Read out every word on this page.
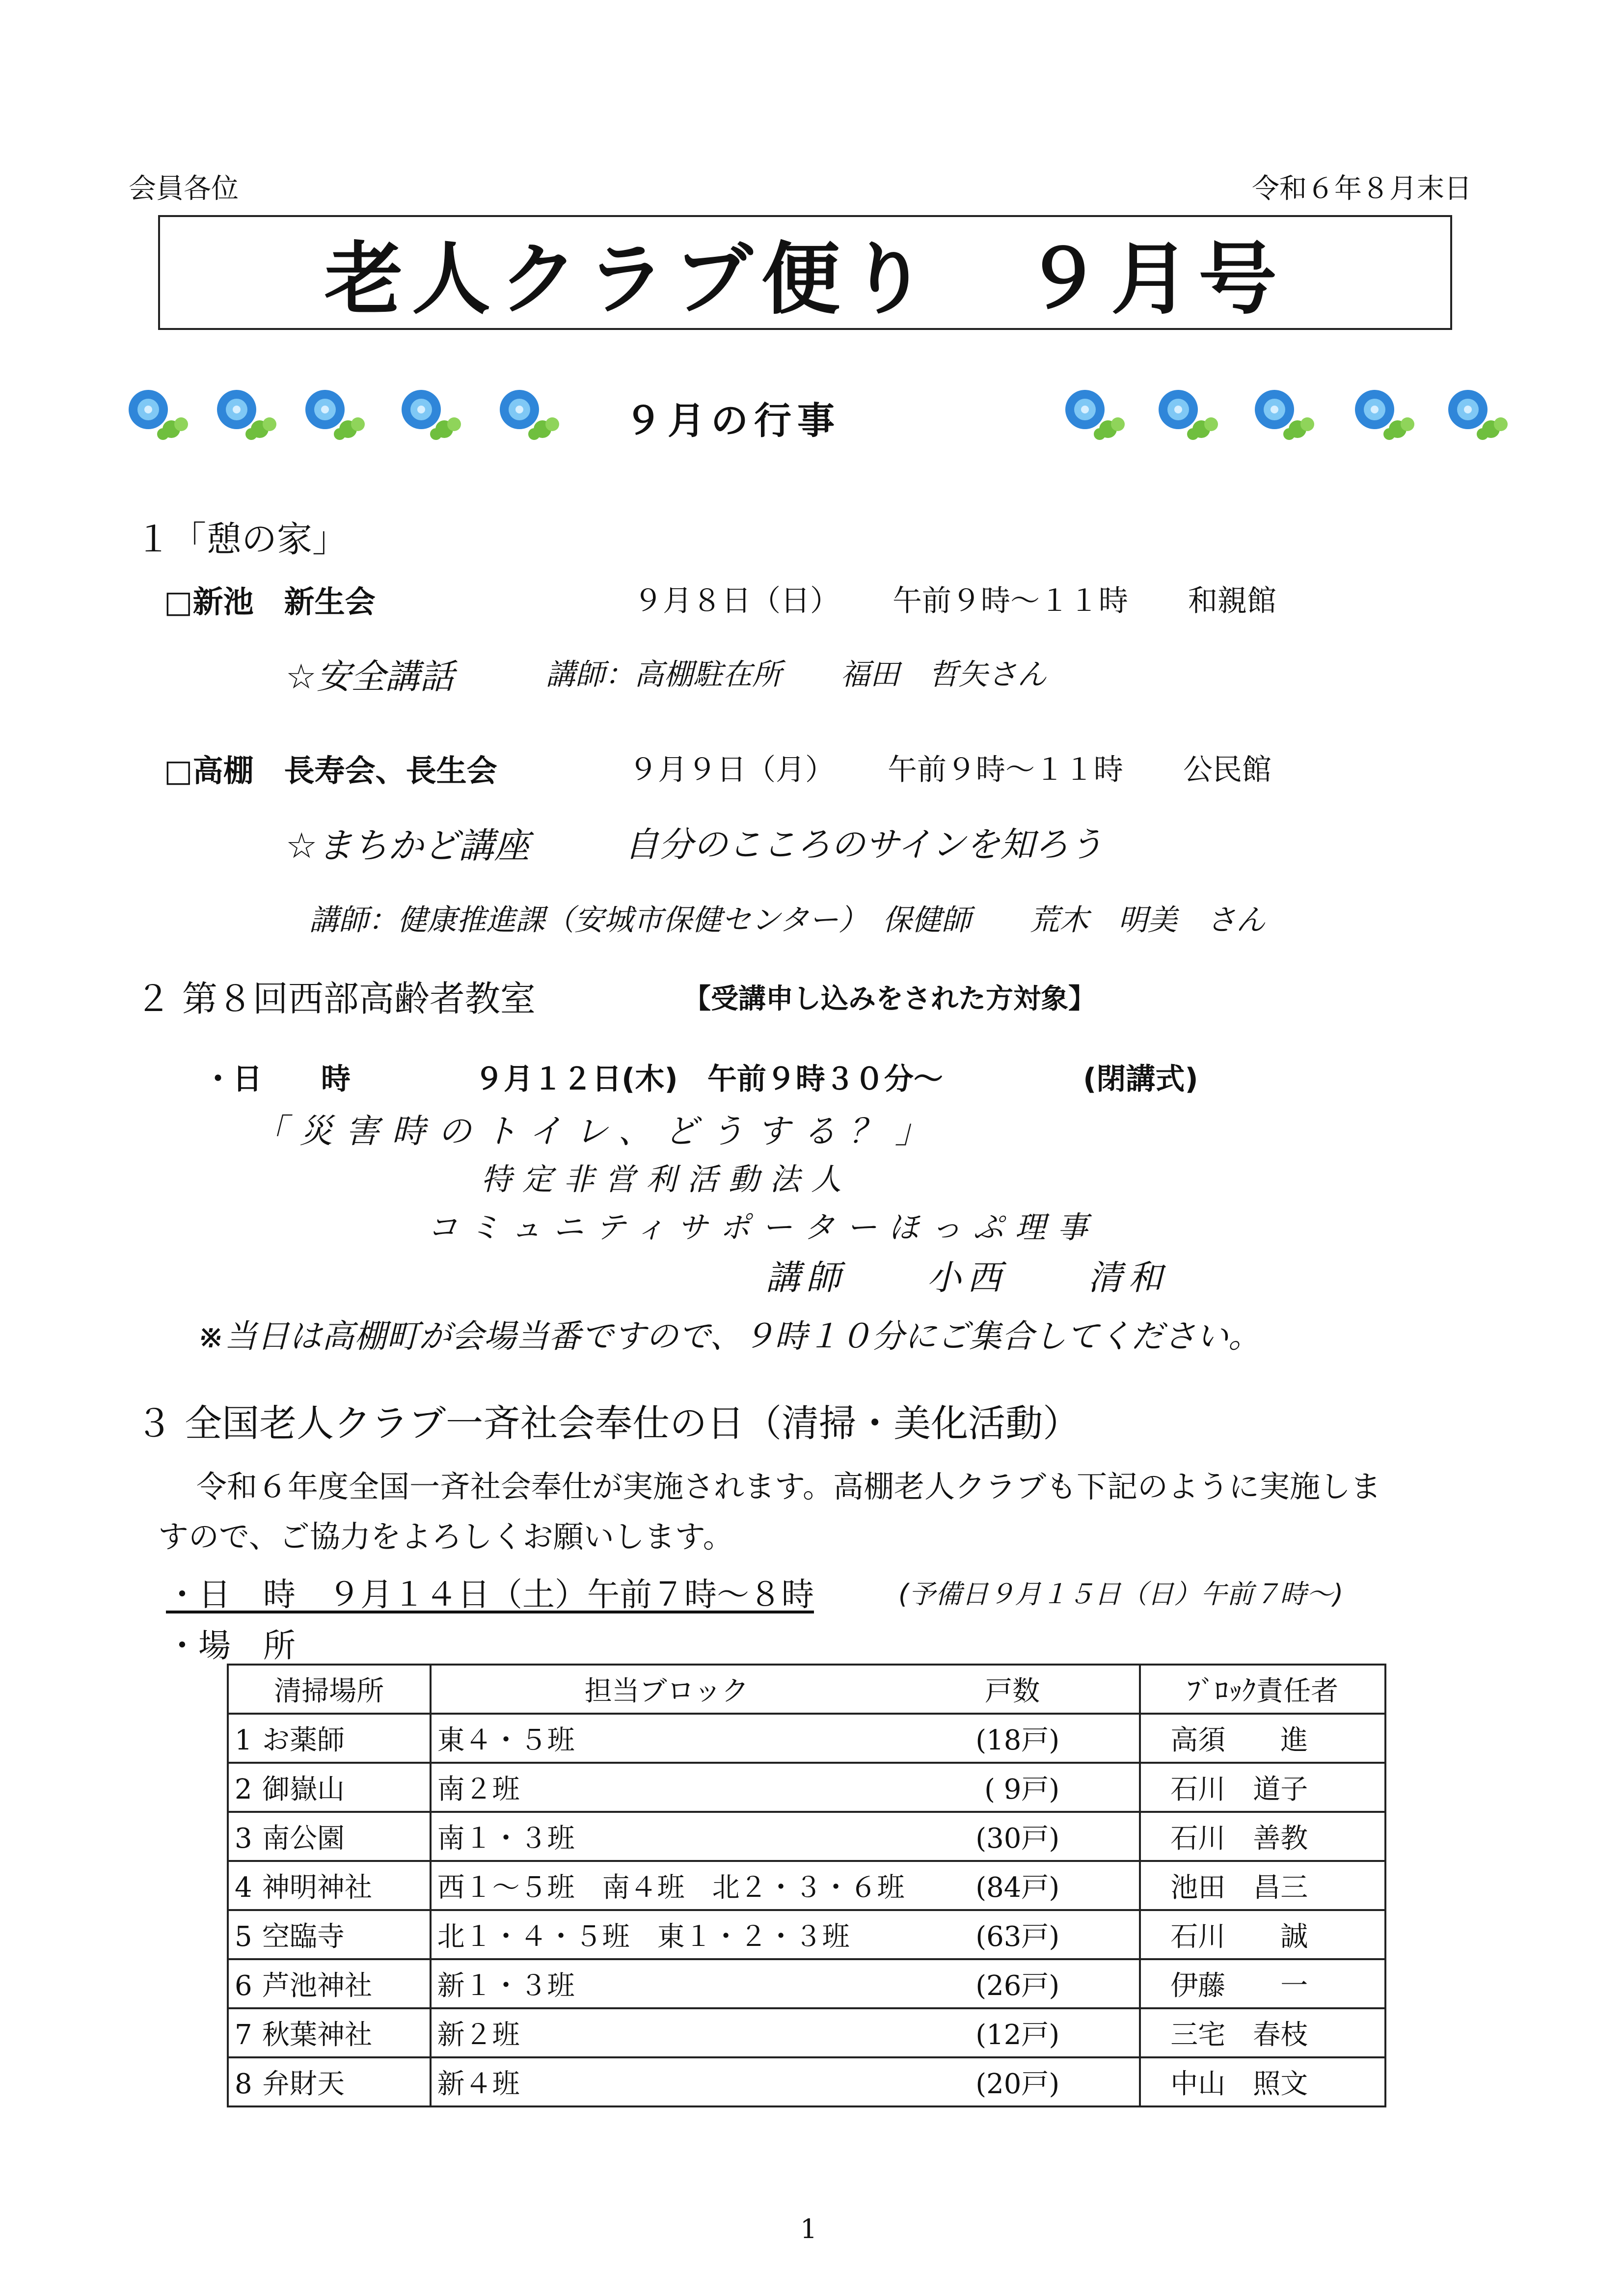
会員各位	令和６年８月末日
老人クラブ便り　９月号
９月の行事
１「憩の家」
□新池　新生会	９月８日（日） 午前９時～１１時 和親館
☆安全講話	講師：高棚駐在所　　福田　哲矢さん
□高棚　長寿会、長生会	９月９日（月） 午前９時～１１時 公民館
☆まちかど講座	自分のこころのサインを知ろう
講師：健康推進課（安城市保健センター）　保健師　　荒木　明美　さん
２ 第８回西部高齢者教室	【受講申し込みをされた方対象】
・日　　時	９月１２日(木)　午前９時３０分～	(閉講式)
「災害時のトイレ、どうする？」
特定非営利活動法人
コミュニティサポーターほっぷ理事
講師　　小西　　清和
※当日は高棚町が会場当番ですので、９時１０分にご集合してください。
３ 全国老人クラブ一斉社会奉仕の日（清掃・美化活動）
令和６年度全国一斉社会奉仕が実施されます。高棚老人クラブも下記のように実施しま
すので、ご協力をよろしくお願いします。
・日　時　９月１４日（土）午前７時～８時	(予備日９月１５日（日）午前７時～)
・場　所
清掃場所	担当ブロック 戸数	ﾌﾞﾛｯｸ責任者
1 お薬師	東４・５班 (18戸)	高須　　進
2 御嶽山	南２班 ( 9戸)	石川　道子
3 南公園	南１・３班 (30戸)	石川　善教
4 神明神社	西１～５班　南４班　北２・３・６班 (84戸)	池田　昌三
5 空臨寺	北１・４・５班　東１・２・３班 (63戸)	石川　　誠
6 芦池神社	新１・３班 (26戸)	伊藤　　一
7 秋葉神社	新２班 (12戸)	三宅　春枝
8 弁財天	新４班 (20戸)	中山　照文
1
